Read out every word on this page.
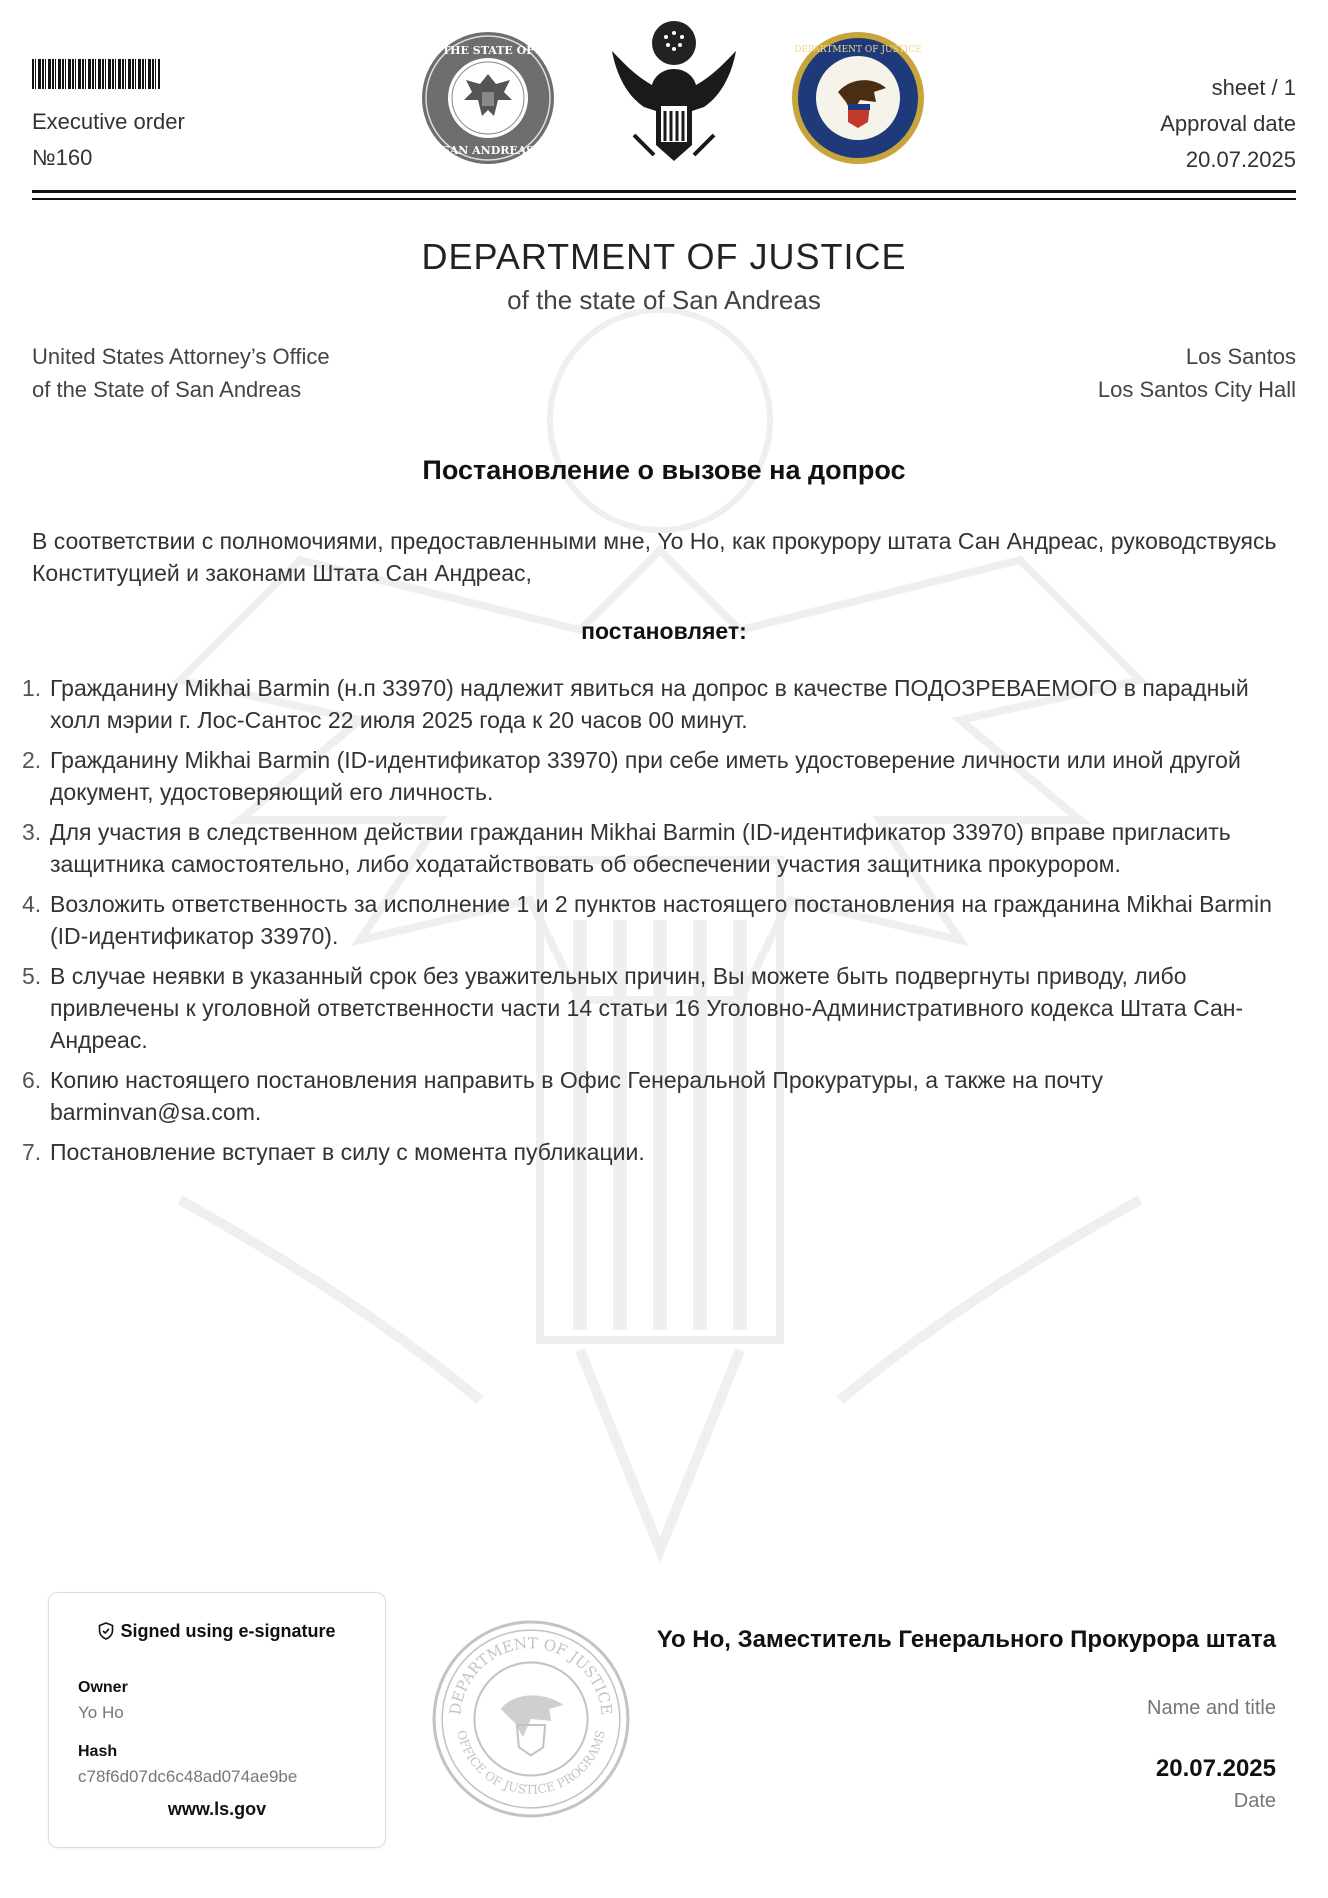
Executive order
№160
THE STATE OF
SAN ANDREAS
DEPARTMENT OF JUSTICE
sheet / 1
Approval date
20.07.2025
DEPARTMENT OF JUSTICE
of the state of San Andreas
United States Attorney’s Office
of the State of San Andreas
Los Santos
Los Santos City Hall
Постановление о вызове на допрос
В соответствии с полномочиями, предоставленными мне, Yo Ho, как прокурору штата Сан Андреас, руководствуясь Конституцией и законами Штата Сан Андреас,
постановляет:
1. Гражданину Mikhai Barmin (н.п 33970) надлежит явиться на допрос в качестве ПОДОЗРЕВАЕМОГО в парадный холл мэрии г. Лос-Сантос 22 июля 2025 года к 20 часов 00 минут.
2. Гражданину Mikhai Barmin (ID-идентификатор 33970) при себе иметь удостоверение личности или иной другой документ, удостоверяющий его личность.
3. Для участия в следственном действии гражданин Mikhai Barmin (ID-идентификатор 33970) вправе пригласить защитника самостоятельно, либо ходатайствовать об обеспечении участия защитника прокурором.
4. Возложить ответственность за исполнение 1 и 2 пунктов настоящего постановления на гражданина Mikhai Barmin (ID-идентификатор 33970).
5. В случае неявки в указанный срок без уважительных причин, Вы можете быть подвергнуты приводу, либо привлечены к уголовной ответственности части 14 статьи 16 Уголовно-Административного кодекса Штата Сан-Андреас.
6. Копию настоящего постановления направить в Офис Генеральной Прокуратуры, а также на почту barminvan@sa.com.
7. Постановление вступает в силу с момента публикации.
Signed using e-signature
Owner
Yo Ho
Hash
c78f6d07dc6c48ad074ae9be
www.ls.gov
DEPARTMENT OF JUSTICE
OFFICE OF JUSTICE PROGRAMS
Yo Ho, Заместитель Генерального Прокурора штата
Name and title
20.07.2025
Date
